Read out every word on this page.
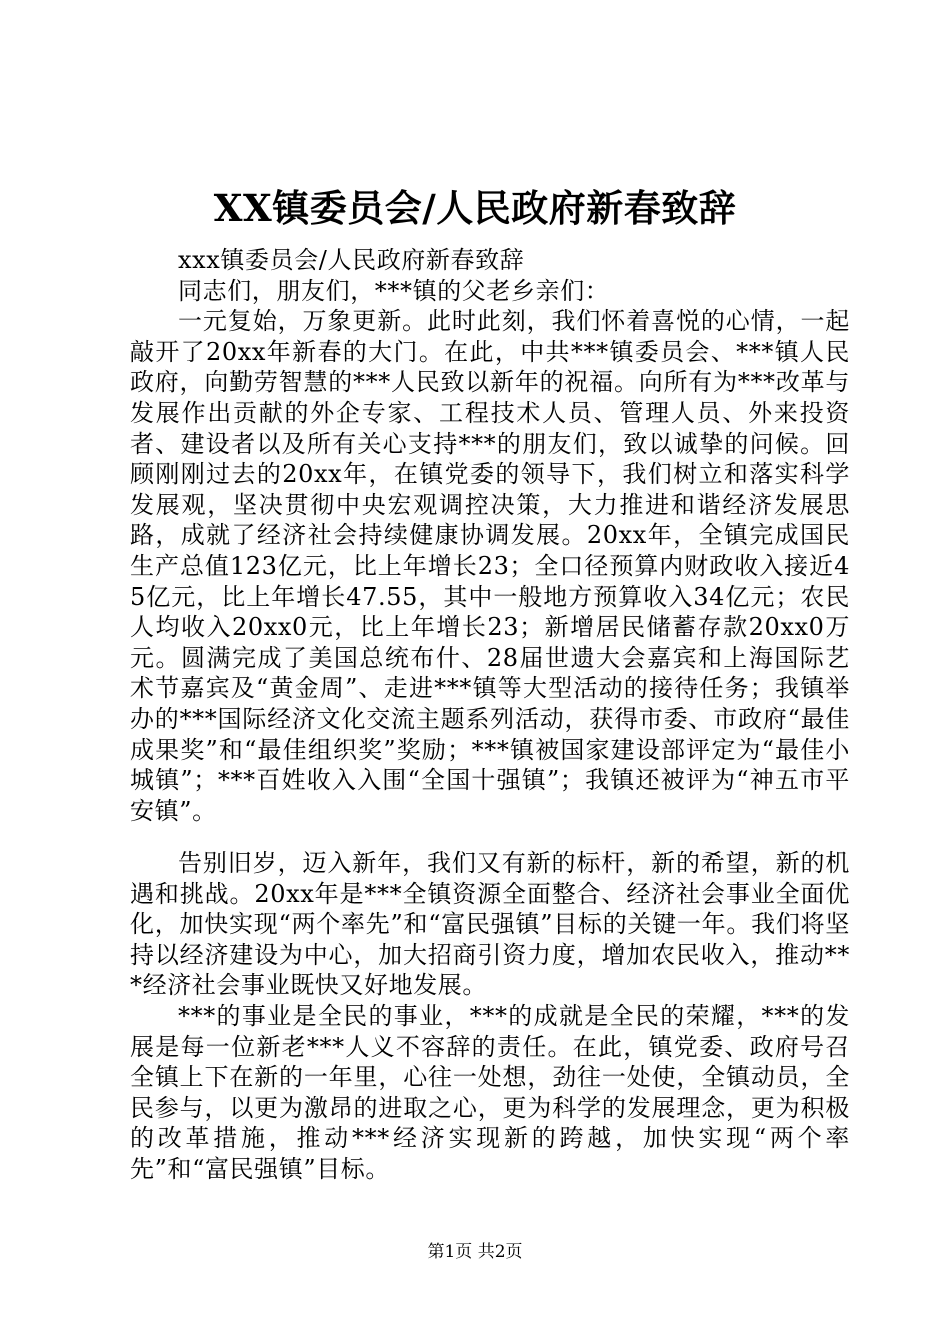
XX镇委员会/人民政府新春致辞

xxx镇委员会/人民政府新春致辞

同志们，朋友们，***镇的父老乡亲们：

一元复始，万象更新。此时此刻，我们怀着喜悦的心情，一起敲开了20xx年新春的大门。在此，中共***镇委员会、***镇人民政府，向勤劳智慧的***人民致以新年的祝福。向所有为***改革与发展作出贡献的外企专家、工程技术人员、管理人员、外来投资者、建设者以及所有关心支持***的朋友们，致以诚挚的问候。回顾刚刚过去的20xx年，在镇党委的领导下，我们树立和落实科学发展观，坚决贯彻中央宏观调控决策，大力推进和谐经济发展思路，成就了经济社会持续健康协调发展。20xx年，全镇完成国民生产总值123亿元，比上年增长23；全口径预算内财政收入接近45亿元，比上年增长47.55，其中一般地方预算收入34亿元；农民人均收入20xx0元，比上年增长23；新增居民储蓄存款20xx0万元。圆满完成了美国总统布什、28届世遗大会嘉宾和上海国际艺术节嘉宾及“黄金周”、走进***镇等大型活动的接待任务；我镇举办的***国际经济文化交流主题系列活动，获得市委、市政府“最佳成果奖”和“最佳组织奖”奖励；***镇被国家建设部评定为“最佳小城镇”；***百姓收入入围“全国十强镇”；我镇还被评为“神五市平安镇”。

告别旧岁，迈入新年，我们又有新的标杆，新的希望，新的机遇和挑战。20xx年是***全镇资源全面整合、经济社会事业全面优化，加快实现“两个率先”和“富民强镇”目标的关键一年。我们将坚持以经济建设为中心，加大招商引资力度，增加农民收入，推动***经济社会事业既快又好地发展。

***的事业是全民的事业，***的成就是全民的荣耀，***的发展是每一位新老***人义不容辞的责任。在此，镇党委、政府号召全镇上下在新的一年里，心往一处想，劲往一处使，全镇动员，全民参与，以更为激昂的进取之心，更为科学的发展理念，更为积极的改革措施，推动***经济实现新的跨越，加快实现“两个率先”和“富民强镇”目标。

第1页 共2页
